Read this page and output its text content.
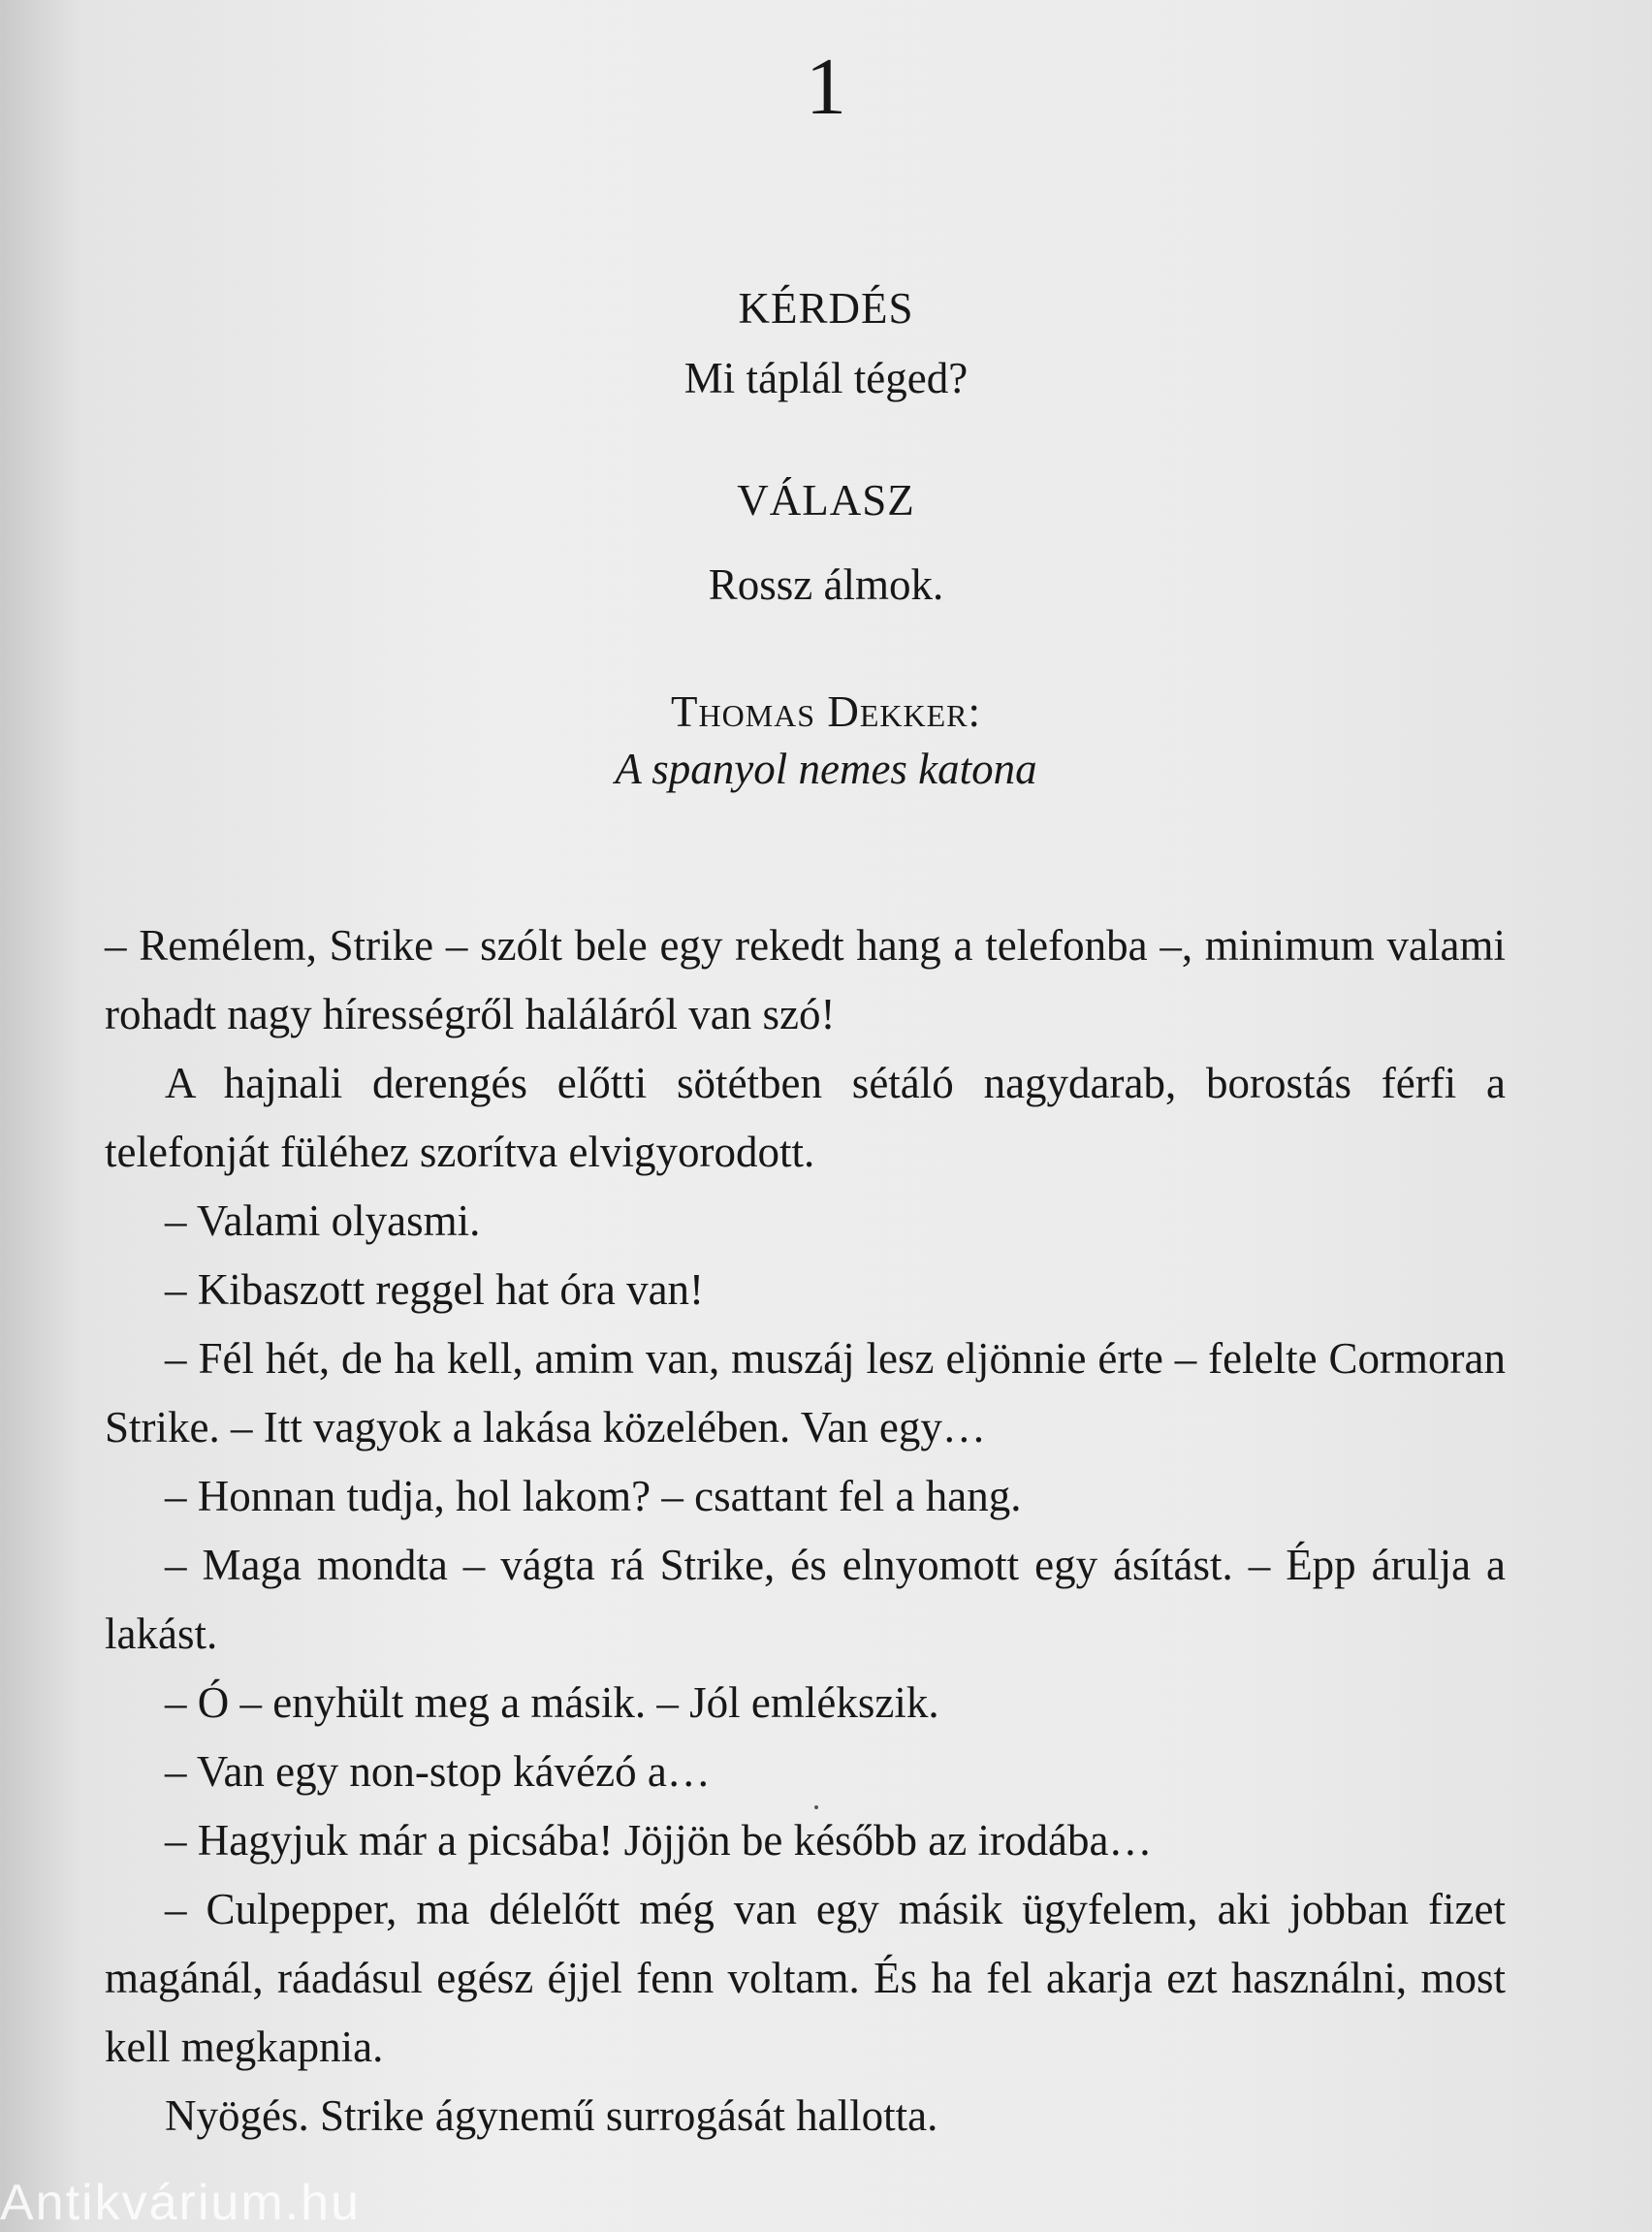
1
KÉRDÉS
Mi táplál téged?
VÁLASZ
Rossz álmok.
Thomas Dekker:
A spanyol nemes katona

– Remélem, Strike – szólt bele egy rekedt hang a telefonba –, minimum valami rohadt nagy hírességről haláláról van szó!

A hajnali derengés előtti sötétben sétáló nagydarab, borostás férfi a telefonját füléhez szorítva elvigyorodott.

– Valami olyasmi.

– Kibaszott reggel hat óra van!

– Fél hét, de ha kell, amim van, muszáj lesz eljönnie érte – felelte Cormoran Strike. – Itt vagyok a lakása közelében. Van egy…

– Honnan tudja, hol lakom? – csattant fel a hang.

– Maga mondta – vágta rá Strike, és elnyomott egy ásítást. – Épp árulja a lakást.

– Ó – enyhült meg a másik. – Jól emlékszik.

– Van egy non-stop kávézó a…

– Hagyjuk már a picsába! Jöjjön be később az irodába…

– Culpepper, ma délelőtt még van egy másik ügyfelem, aki jobban fizet magánál, ráadásul egész éjjel fenn voltam. És ha fel akarja ezt használni, most kell megkapnia.

Nyögés. Strike ágynemű surrogását hallotta.

Antikvárium.hu
